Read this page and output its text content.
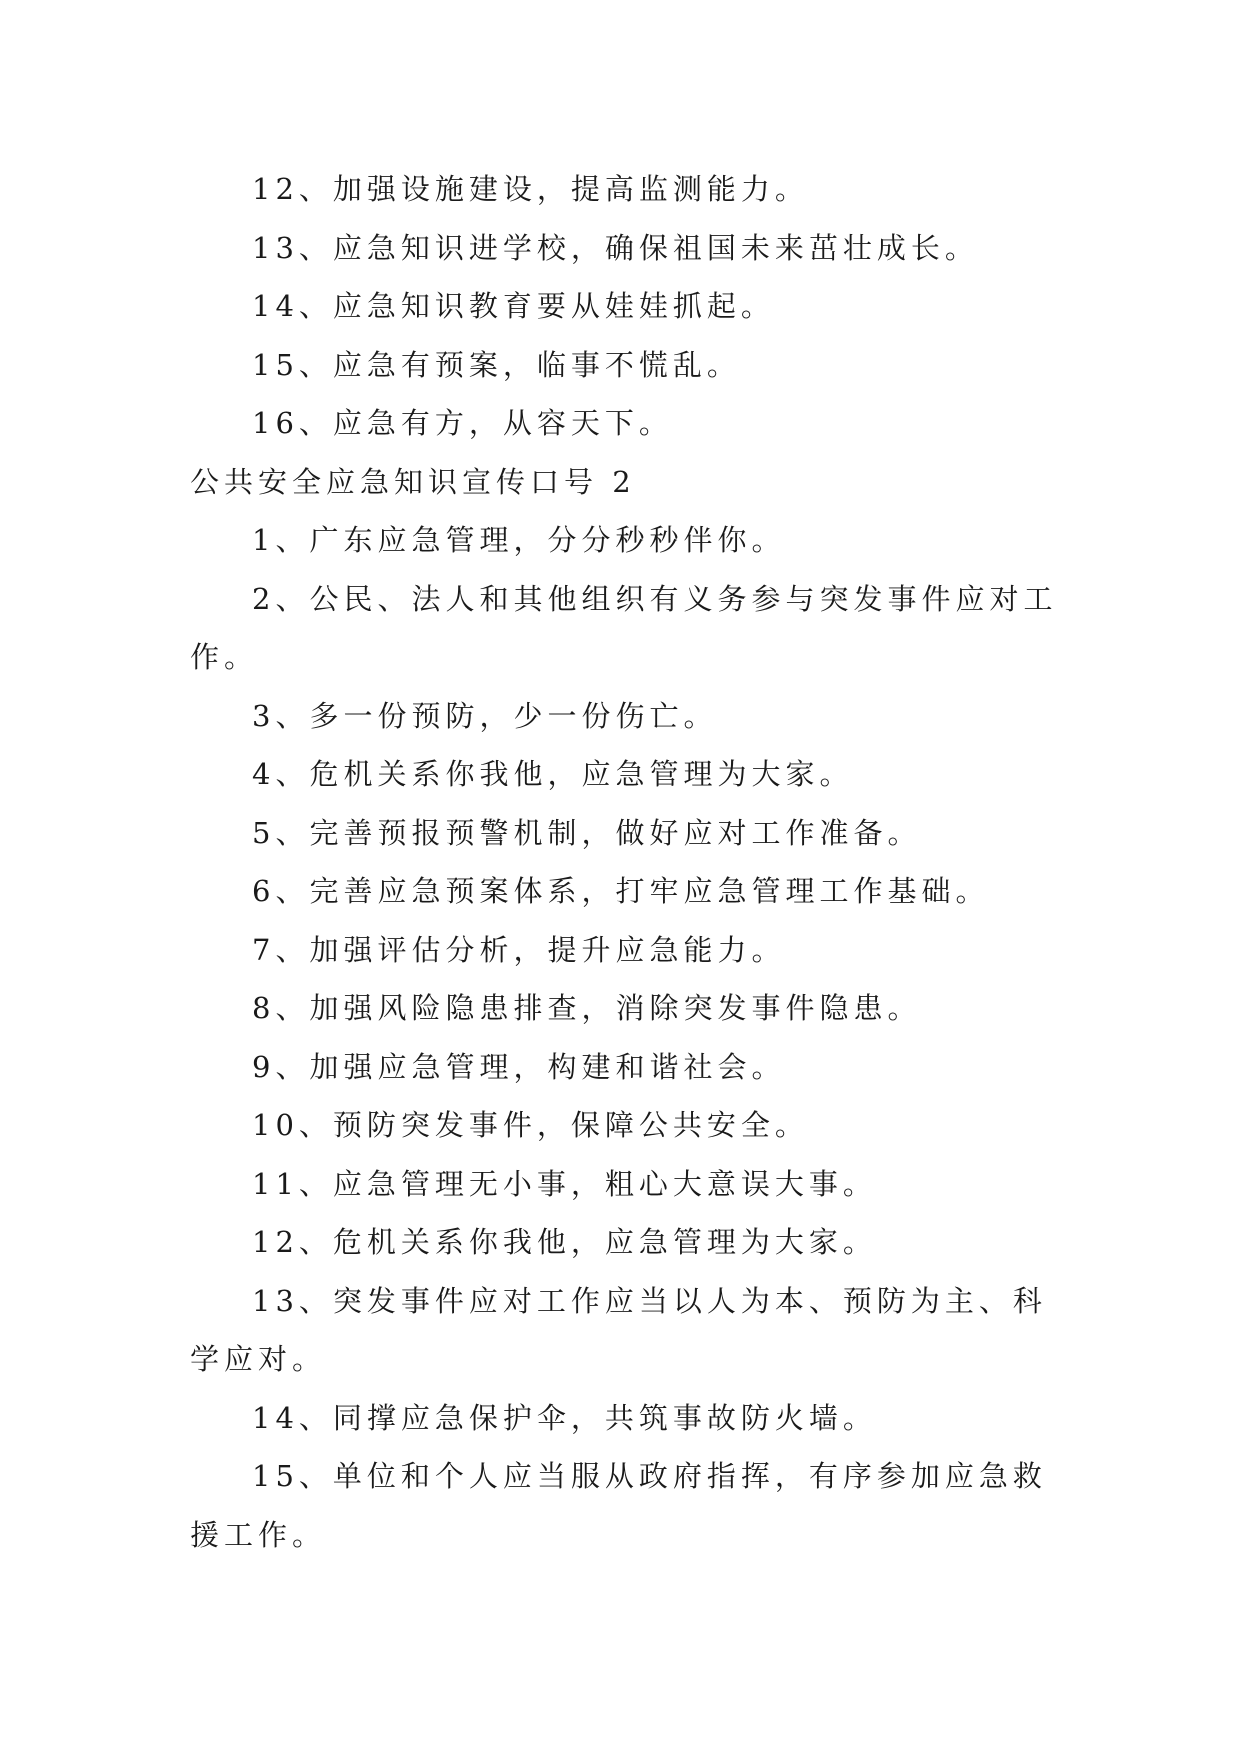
12、加强设施建设，提高监测能力。

13、应急知识进学校，确保祖国未来茁壮成长。

14、应急知识教育要从娃娃抓起。

15、应急有预案，临事不慌乱。

16、应急有方，从容天下。

公共安全应急知识宣传口号 2

1、广东应急管理，分分秒秒伴你。

2、公民、法人和其他组织有义务参与突发事件应对工作。

3、多一份预防，少一份伤亡。

4、危机关系你我他，应急管理为大家。

5、完善预报预警机制，做好应对工作准备。

6、完善应急预案体系，打牢应急管理工作基础。

7、加强评估分析，提升应急能力。

8、加强风险隐患排查，消除突发事件隐患。

9、加强应急管理，构建和谐社会。

10、预防突发事件，保障公共安全。

11、应急管理无小事，粗心大意误大事。

12、危机关系你我他，应急管理为大家。

13、突发事件应对工作应当以人为本、预防为主、科学应对。

14、同撑应急保护伞，共筑事故防火墙。

15、单位和个人应当服从政府指挥，有序参加应急救援工作。
